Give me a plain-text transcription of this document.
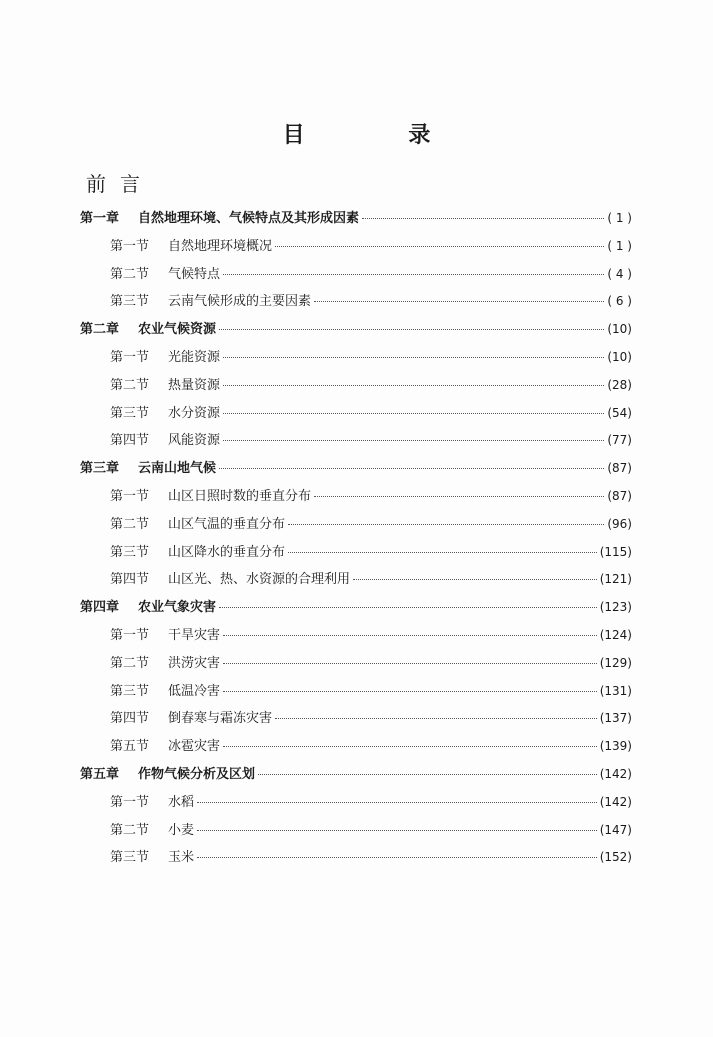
目 录
前言
第一章	自然地理环境、气候特点及其形成因素	( 1 )
第一节	自然地理环境概况	( 1 )
第二节	气候特点	( 4 )
第三节	云南气候形成的主要因素	( 6 )
第二章	农业气候资源	(10)
第一节	光能资源	(10)
第二节	热量资源	(28)
第三节	水分资源	(54)
第四节	风能资源	(77)
第三章	云南山地气候	(87)
第一节	山区日照时数的垂直分布	(87)
第二节	山区气温的垂直分布	(96)
第三节	山区降水的垂直分布	(115)
第四节	山区光、热、水资源的合理利用	(121)
第四章	农业气象灾害	(123)
第一节	干旱灾害	(124)
第二节	洪涝灾害	(129)
第三节	低温冷害	(131)
第四节	倒春寒与霜冻灾害	(137)
第五节	冰雹灾害	(139)
第五章	作物气候分析及区划	(142)
第一节	水稻	(142)
第二节	小麦	(147)
第三节	玉米	(152)
